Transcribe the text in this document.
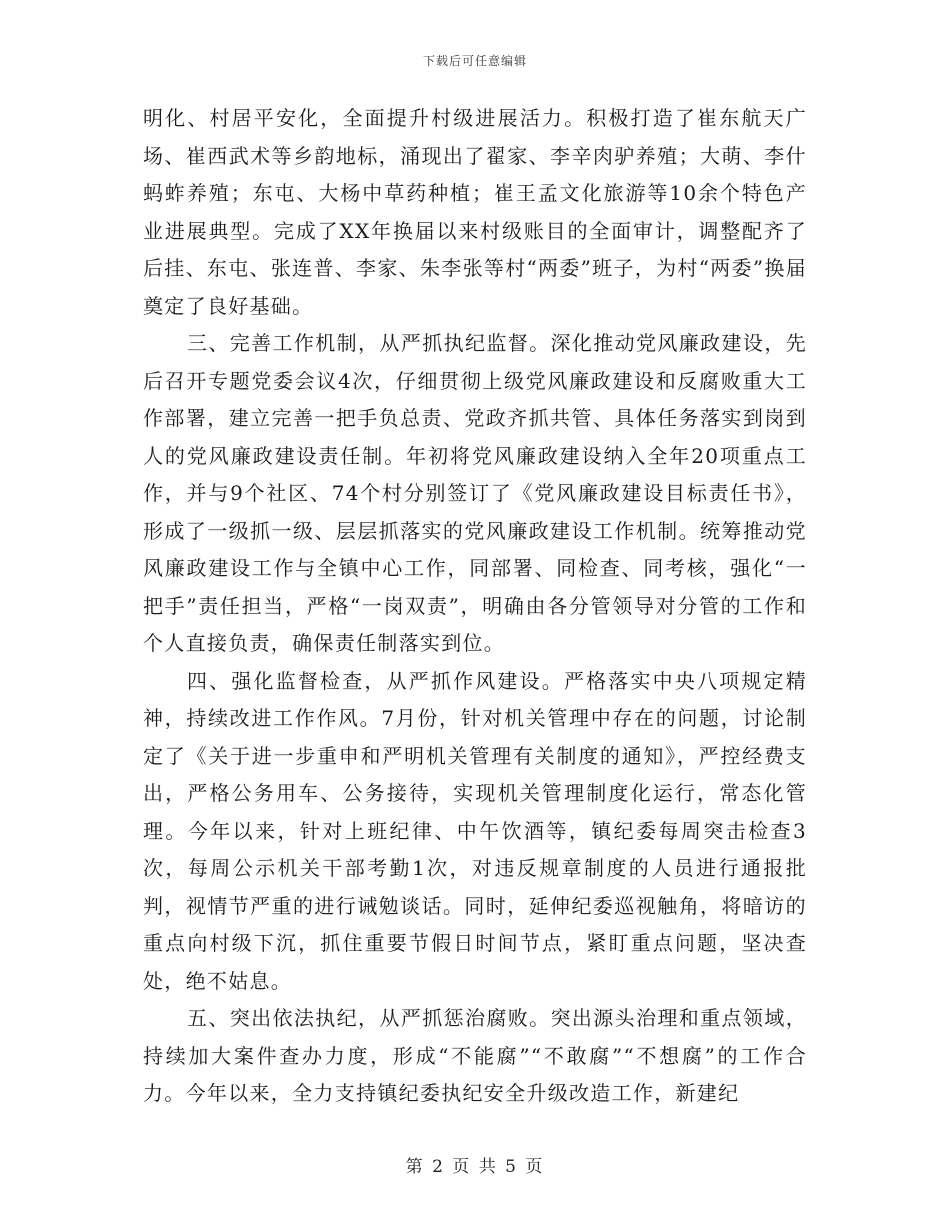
下载后可任意编辑

明化、村居平安化，全面提升村级进展活力。积极打造了崔东航天广场、崔西武术等乡韵地标，涌现出了翟家、李辛肉驴养殖；大萌、李什蚂蚱养殖；东屯、大杨中草药种植；崔王孟文化旅游等10余个特色产业进展典型。完成了XX年换届以来村级账目的全面审计，调整配齐了后挂、东屯、张连普、李家、朱李张等村“两委”班子，为村“两委”换届奠定了良好基础。

三、完善工作机制，从严抓执纪监督。深化推动党风廉政建设，先后召开专题党委会议4次，仔细贯彻上级党风廉政建设和反腐败重大工作部署，建立完善一把手负总责、党政齐抓共管、具体任务落实到岗到人的党风廉政建设责任制。年初将党风廉政建设纳入全年20项重点工作，并与9个社区、74个村分别签订了《党风廉政建设目标责任书》，形成了一级抓一级、层层抓落实的党风廉政建设工作机制。统筹推动党风廉政建设工作与全镇中心工作，同部署、同检查、同考核，强化“一把手”责任担当，严格“一岗双责”，明确由各分管领导对分管的工作和个人直接负责，确保责任制落实到位。

四、强化监督检查，从严抓作风建设。严格落实中央八项规定精神，持续改进工作作风。7月份，针对机关管理中存在的问题，讨论制定了《关于进一步重申和严明机关管理有关制度的通知》，严控经费支出，严格公务用车、公务接待，实现机关管理制度化运行，常态化管理。今年以来，针对上班纪律、中午饮酒等，镇纪委每周突击检查3次，每周公示机关干部考勤1次，对违反规章制度的人员进行通报批判，视情节严重的进行诫勉谈话。同时，延伸纪委巡视触角，将暗访的重点向村级下沉，抓住重要节假日时间节点，紧盯重点问题，坚决查处，绝不姑息。

五、突出依法执纪，从严抓惩治腐败。突出源头治理和重点领域，持续加大案件查办力度，形成“不能腐”“不敢腐”“不想腐”的工作合力。今年以来，全力支持镇纪委执纪安全升级改造工作，新建纪

第 2 页 共 5 页
